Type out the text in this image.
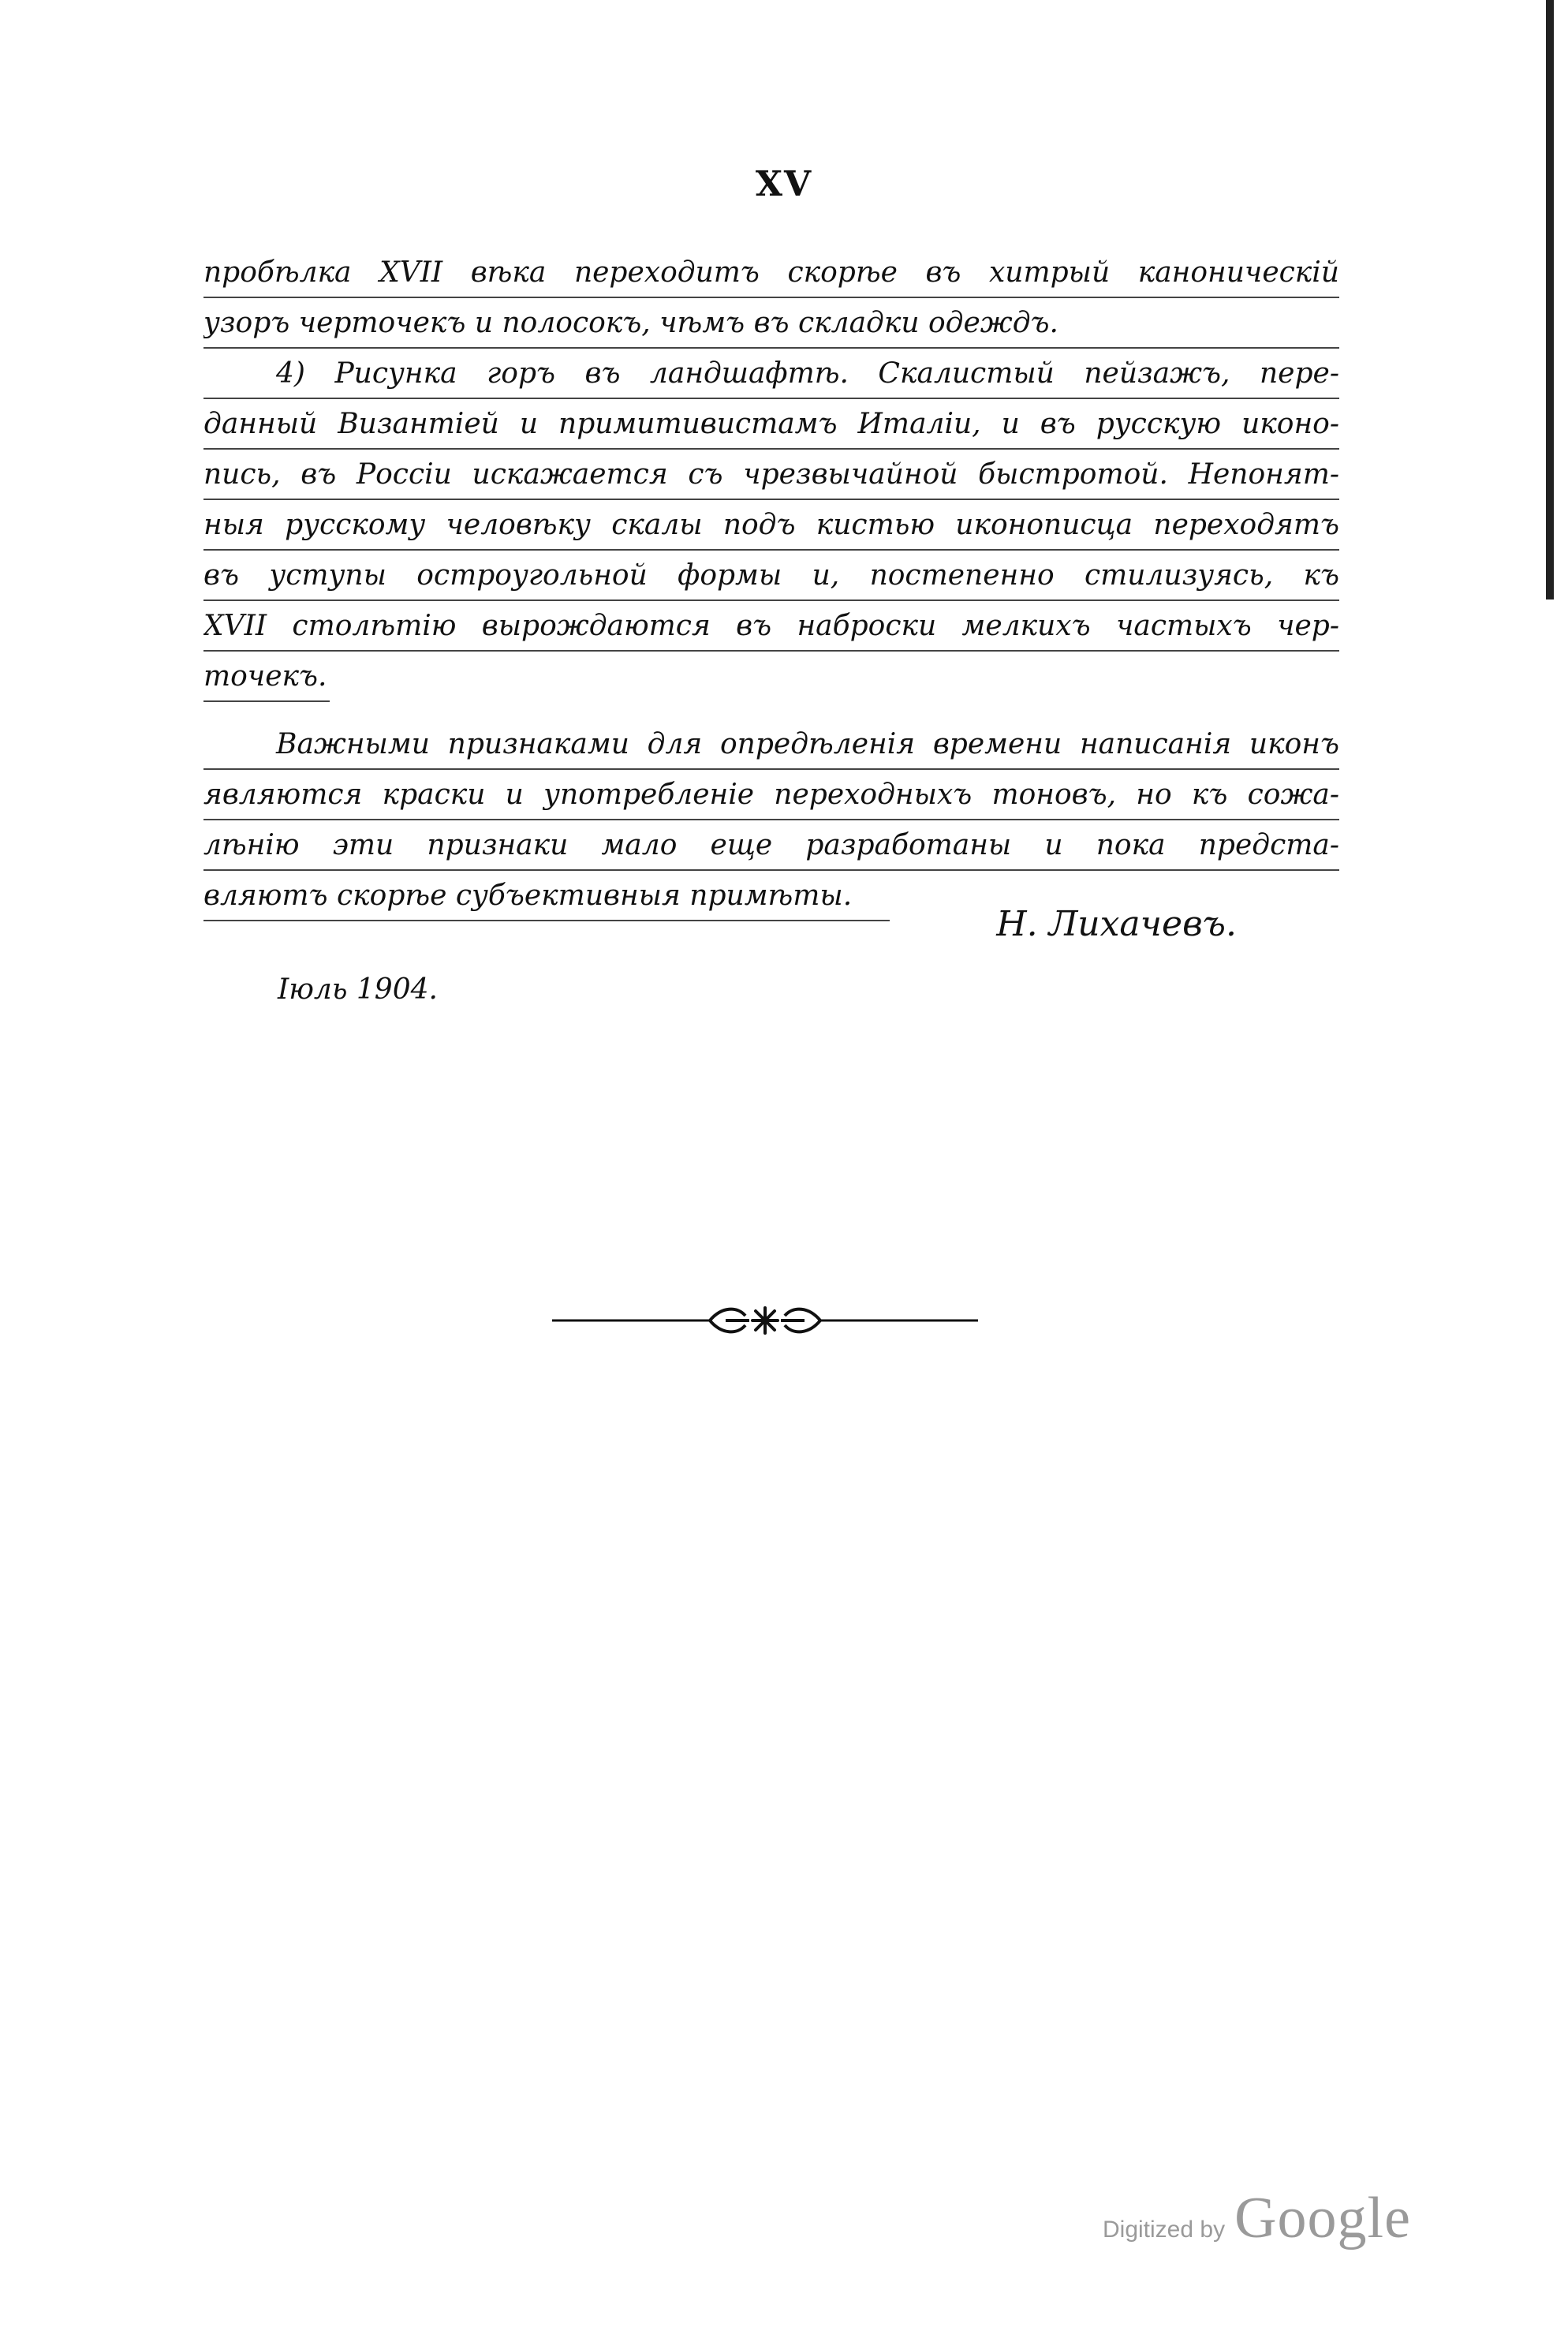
XV
пробѣлка XVII вѣка переходитъ скорѣе въ хитрый каноническій
узоръ черточекъ и полосокъ, чѣмъ въ складки одеждъ.
4) Рисунка горъ въ ландшафтѣ. Скалистый пейзажъ, пере-
данный Византіей и примитивистамъ Италіи, и въ русскую иконо-
пись, въ Россіи искажается съ чрезвычайной быстротой. Непонят-
ныя русскому человѣку скалы подъ кистью иконописца переходятъ
въ уступы остроугольной формы и, постепенно стилизуясь, къ
XVII столѣтію вырождаются въ наброски мелкихъ частыхъ чер-
точекъ.
Важными признаками для опредѣленія времени написанія иконъ
являются краски и употребленіе переходныхъ тоновъ, но къ сожа-
лѣнію эти признаки мало еще разработаны и пока предста-
вляютъ скорѣе субъективныя примѣты.
Н. Лихачевъ.
Іюль 1904.
Digitized by Google
